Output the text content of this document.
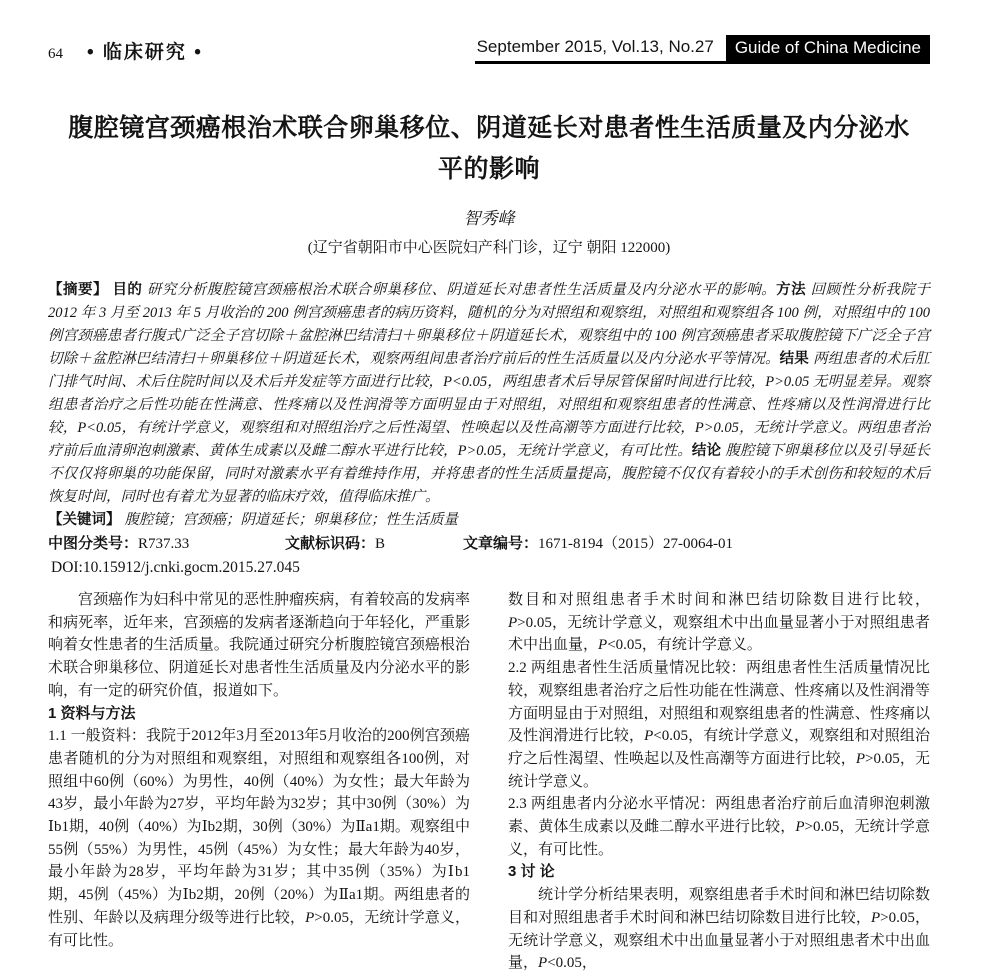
64 • 临床研究 •	September 2015, Vol.13, No.27	Guide of China Medicine
腹腔镜宫颈癌根治术联合卵巢移位、阴道延长对患者性生活质量及内分泌水平的影响
智秀峰
(辽宁省朝阳市中心医院妇产科门诊，辽宁 朝阳 122000)

【摘要】 目的 研究分析腹腔镜宫颈癌根治术联合卵巢移位、阴道延长对患者性生活质量及内分泌水平的影响。方法 回顾性分析我院于 2012 年 3 月至 2013 年 5 月收治的 200 例宫颈癌患者的病历资料，随机的分为对照组和观察组，对照组和观察组各 100 例，对照组中的 100 例宫颈癌患者行腹式广泛全子宫切除＋盆腔淋巴结清扫＋卵巢移位＋阴道延长术，观察组中的 100 例宫颈癌患者采取腹腔镜下广泛全子宫切除＋盆腔淋巴结清扫＋卵巢移位＋阴道延长术，观察两组间患者治疗前后的性生活质量以及内分泌水平等情况。结果 两组患者的术后肛门排气时间、术后住院时间以及术后并发症等方面进行比较，P<0.05，两组患者术后导尿管保留时间进行比较，P>0.05 无明显差异。观察组患者治疗之后性功能在性满意、性疼痛以及性润滑等方面明显由于对照组，对照组和观察组患者的性满意、性疼痛以及性润滑进行比较，P<0.05，有统计学意义，观察组和对照组治疗之后性渴望、性唤起以及性高潮等方面进行比较，P>0.05，无统计学意义。两组患者治疗前后血清卵泡刺激素、黄体生成素以及雌二醇水平进行比较，P>0.05，无统计学意义，有可比性。结论 腹腔镜下卵巢移位以及引导延长不仅仅将卵巢的功能保留，同时对激素水平有着维持作用，并将患者的性生活质量提高，腹腔镜不仅仅有着较小的手术创伤和较短的术后恢复时间，同时也有着尤为显著的临床疗效，值得临床推广。

【关键词】 腹腔镜；宫颈癌；阴道延长；卵巢移位；性生活质量

中图分类号：R737.33	文献标识码：B	文章编号：1671-8194（2015）27-0064-01
DOI:10.15912/j.cnki.gocm.2015.27.045

宫颈癌作为妇科中常见的恶性肿瘤疾病，有着较高的发病率和病死率，近年来，宫颈癌的发病者逐渐趋向于年轻化，严重影响着女性患者的生活质量。我院通过研究分析腹腔镜宫颈癌根治术联合卵巢移位、阴道延长对患者性生活质量及内分泌水平的影响，有一定的研究价值，报道如下。

1 资料与方法

1.1 一般资料：我院于2012年3月至2013年5月收治的200例宫颈癌患者随机的分为对照组和观察组，对照组和观察组各100例，对照组中60例（60%）为男性，40例（40%）为女性；最大年龄为43岁，最小年龄为27岁，平均年龄为32岁；其中30例（30%）为Ⅰb1期，40例（40%）为Ⅰb2期，30例（30%）为Ⅱa1期。观察组中55例（55%）为男性，45例（45%）为女性；最大年龄为40岁，最小年龄为28岁，平均年龄为31岁；其中35例（35%）为Ⅰb1期，45例（45%）为Ⅰb2期，20例（20%）为Ⅱa1期。两组患者的性别、年龄以及病理分级等进行比较，P>0.05，无统计学意义，有可比性。

数目和对照组患者手术时间和淋巴结切除数目进行比较，P>0.05，无统计学意义，观察组术中出血量显著小于对照组患者术中出血量，P<0.05，有统计学意义。

2.2 两组患者性生活质量情况比较：两组患者性生活质量情况比较，观察组患者治疗之后性功能在性满意、性疼痛以及性润滑等方面明显由于对照组，对照组和观察组患者的性满意、性疼痛以及性润滑进行比较，P<0.05，有统计学意义，观察组和对照组治疗之后性渴望、性唤起以及性高潮等方面进行比较，P>0.05，无统计学意义。

2.3 两组患者内分泌水平情况：两组患者治疗前后血清卵泡刺激素、黄体生成素以及雌二醇水平进行比较，P>0.05，无统计学意义，有可比性。

3 讨 论

统计学分析结果表明，观察组患者手术时间和淋巴结切除数目和对照组患者手术时间和淋巴结切除数目进行比较，P>0.05，无统计学意义，观察组术中出血量显著小于对照组患者术中出血量，P<0.05，
